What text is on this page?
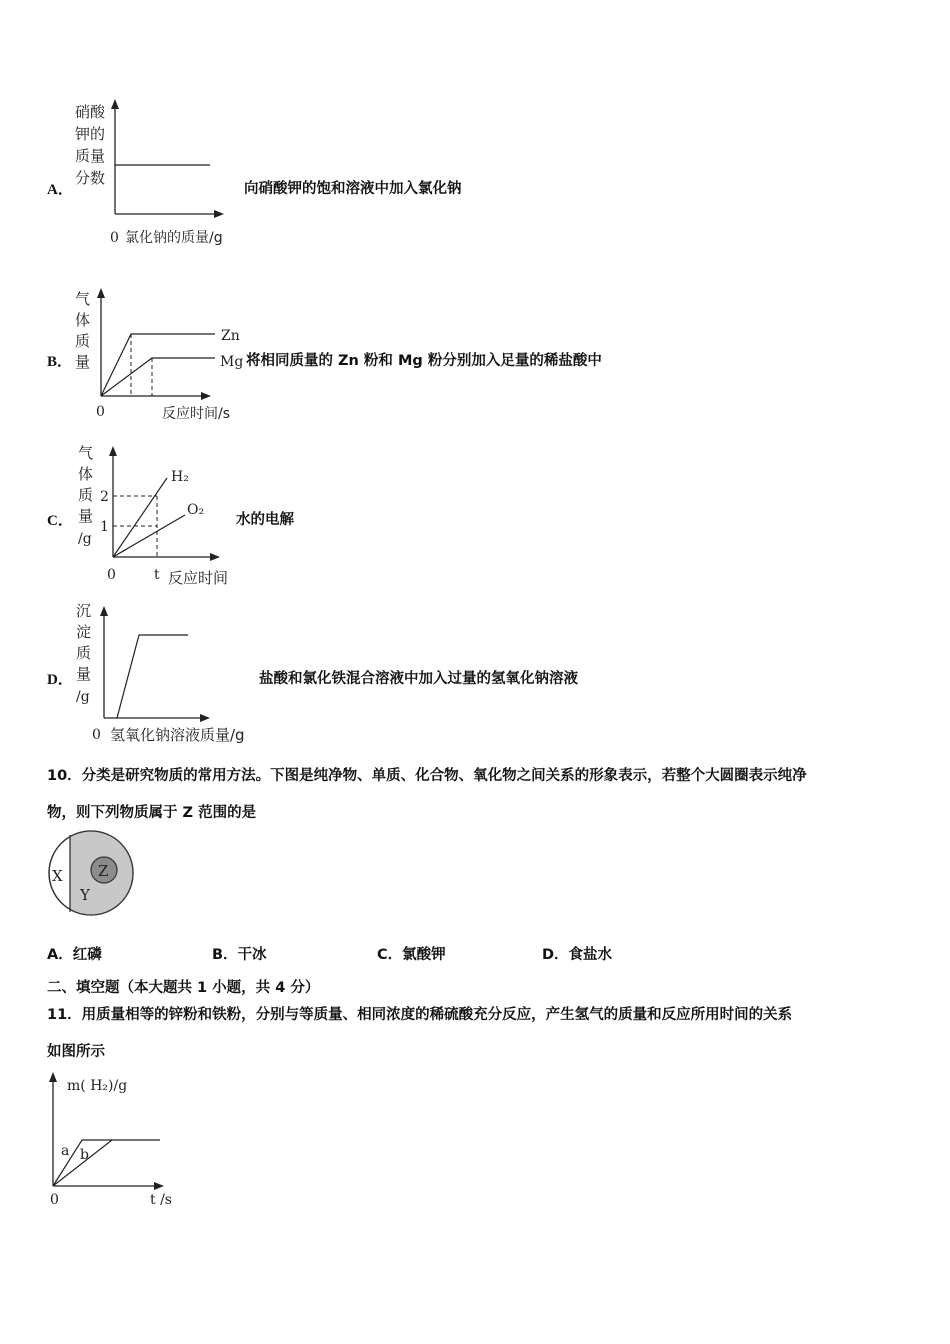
A．
硝酸
钾的
质量
分数
0 氯化钠的质量/g
向硝酸钾的饱和溶液中加入氯化钠
B．
气
体
质
量
Zn
Mg
0	反应时间/s
将相同质量的 Zn 粉和 Mg 粉分别加入足量的稀盐酸中
C．
气
体
质
量
/g
2
1
H₂
O₂
0	t 反应时间
水的电解
D．
沉
淀
质
量
/g
0 氢氧化钠溶液质量/g
盐酸和氯化铁混合溶液中加入过量的氢氧化钠溶液
10．分类是研究物质的常用方法。下图是纯净物、单质、化合物、氧化物之间关系的形象表示，若整个大圆圈表示纯净
物，则下列物质属于 Z 范围的是
X
Y
Z
A．红磷	B．干冰	C．氯酸钾	D．食盐水
二、填空题（本大题共 1 小题，共 4 分）
11．用质量相等的锌粉和铁粉，分别与等质量、相同浓度的稀硫酸充分反应，产生氢气的质量和反应所用时间的关系
如图所示
m( H₂)/g
a b
0	t /s
